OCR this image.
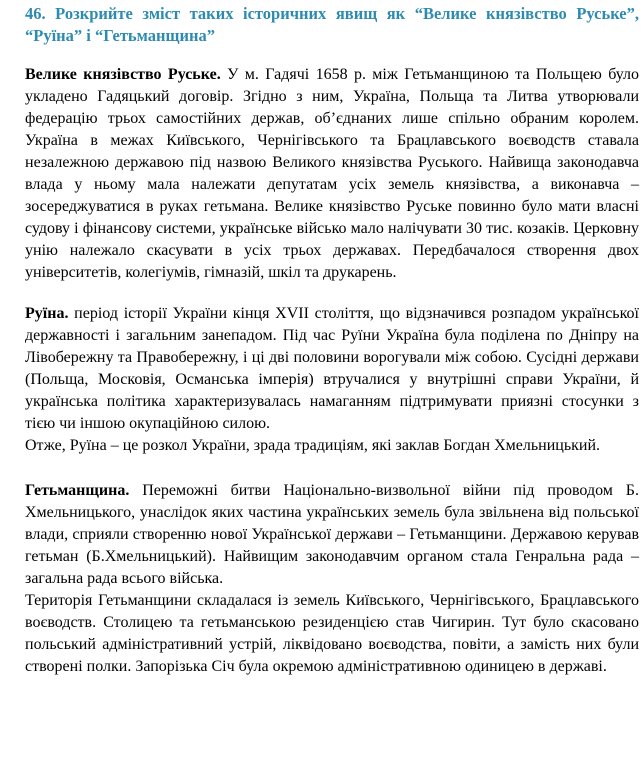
46. Розкрийте зміст таких історичних явищ як “Велике князівство Руське”, “Руїна” і “Гетьманщина”

Велике князівство Руське. У м. Гадячі 1658 р. між Гетьманщиною та Польщею було укладено Гадяцький договір. Згідно з ним, Україна, Польща та Литва утворювали федерацію трьох самостійних держав, об’єднаних лише спільно обраним королем. Україна в межах Київського, Чернігівського та Брацлавського воєводств ставала незалежною державою під назвою Великого князівства Руського. Найвища законодавча влада у ньому мала належати депутатам усіх земель князівства, а виконавча – зосереджуватися в руках гетьмана. Велике князівство Руське повинно було мати власні судову і фінансову системи, українське військо мало налічувати 30 тис. козаків. Церковну унію належало скасувати в усіх трьох державах. Передбачалося створення двох університетів, колегіумів, гімназій, шкіл та друкарень.

Руїна. період історії України кінця XVII століття, що відзначився розпадом української державності і загальним занепадом. Під час Руїни Україна була поділена по Дніпру на Лівобережну та Правобережну, і ці дві половини ворогували між собою. Сусідні держави (Польща, Московія, Османська імперія) втручалися у внутрішні справи України, й українська політика характеризувалась намаганням підтримувати приязні стосунки з тією чи іншою окупаційною силою.

Отже, Руїна – це розкол України, зрада традиціям, які заклав Богдан Хмельницький.

Гетьманщина. Переможні битви Національно-визвольної війни під проводом Б. Хмельницького, унаслідок яких частина українських земель була звільнена від польської влади, сприяли створенню нової Української держави – Гетьманщини. Державою керував гетьман (Б.Хмельницький). Найвищим законодавчим органом стала Генральна рада – загальна рада всього війська.

Територія Гетьманщини складалася із земель Київського, Чернігівського, Брацлавського воєводств. Столицею та гетьманською резиденцією став Чигирин. Тут було скасовано польський адміністративний устрій, ліквідовано воєводства, повіти, а замість них були створені полки. Запорізька Січ була окремою адміністративною одиницею в державі.
